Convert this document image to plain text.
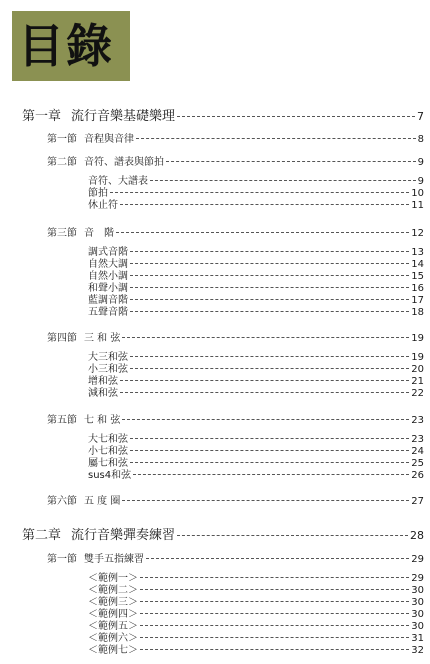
目錄
第一章 流行音樂基礎樂理	7
第一節 音程與音律	8
第二節 音符、譜表與節拍	9
音符、大譜表	9
節拍	10
休止符	11
第三節 音　階	12
調式音階	13
自然大調	14
自然小調	15
和聲小調	16
藍調音階	17
五聲音階	18
第四節 三 和 弦	19
大三和弦	19
小三和弦	20
增和弦	21
減和弦	22
第五節 七 和 弦	23
大七和弦	23
小七和弦	24
屬七和弦	25
sus4和弦	26
第六節 五 度 圈	27
第二章 流行音樂彈奏練習	28
第一節 雙手五指練習	29
＜範例一＞	29
＜範例二＞	30
＜範例三＞	30
＜範例四＞	30
＜範例五＞	30
＜範例六＞	31
＜範例七＞	32
